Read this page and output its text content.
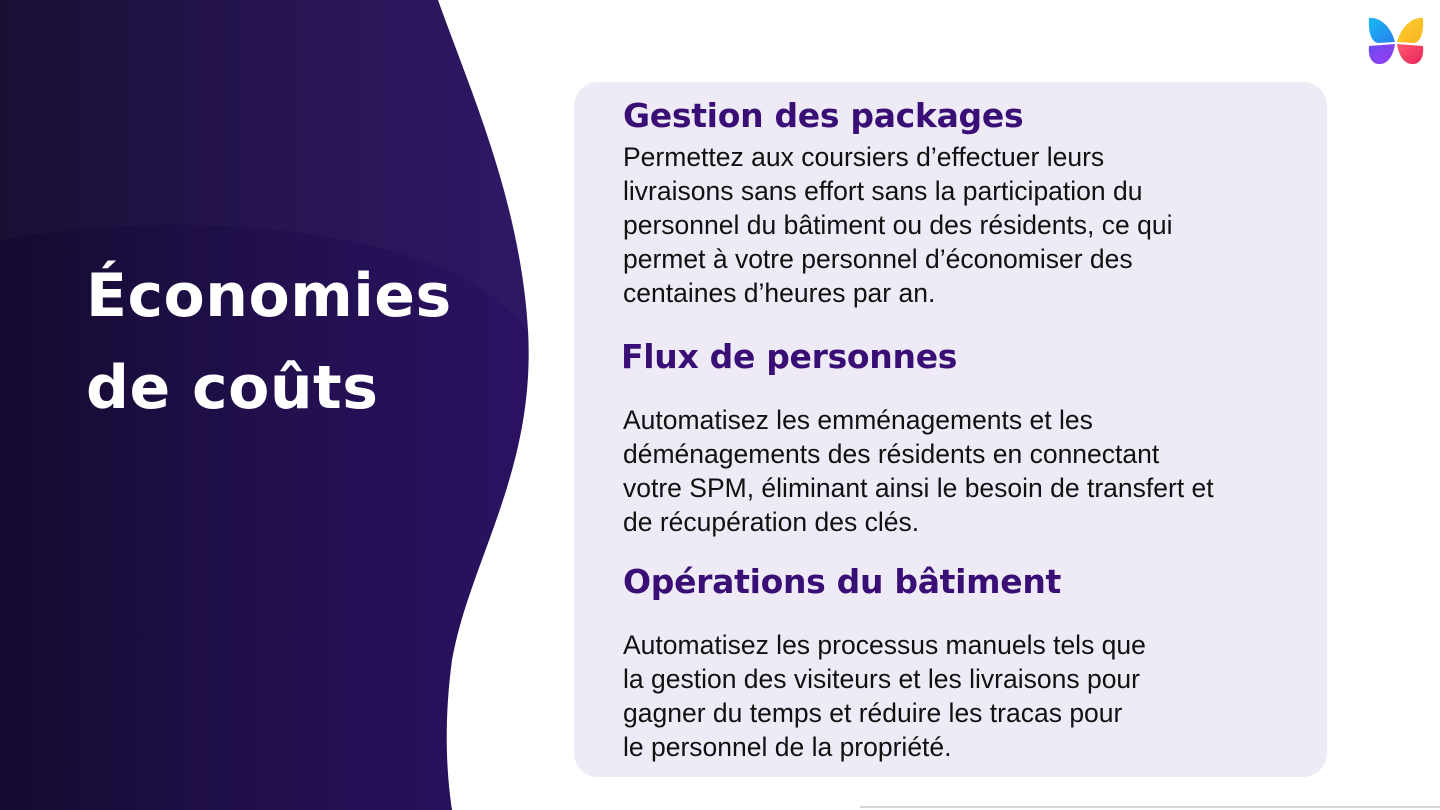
Économies
de coûts
Gestion des packages

Permettez aux coursiers d’effectuer leurs
livraisons sans effort sans la participation du
personnel du bâtiment ou des résidents, ce qui
permet à votre personnel d’économiser des
centaines d’heures par an.

Flux de personnes

Automatisez les emménagements et les
déménagements des résidents en connectant
votre SPM, éliminant ainsi le besoin de transfert et
de récupération des clés.

Opérations du bâtiment

Automatisez les processus manuels tels que
la gestion des visiteurs et les livraisons pour
gagner du temps et réduire les tracas pour
le personnel de la propriété.
